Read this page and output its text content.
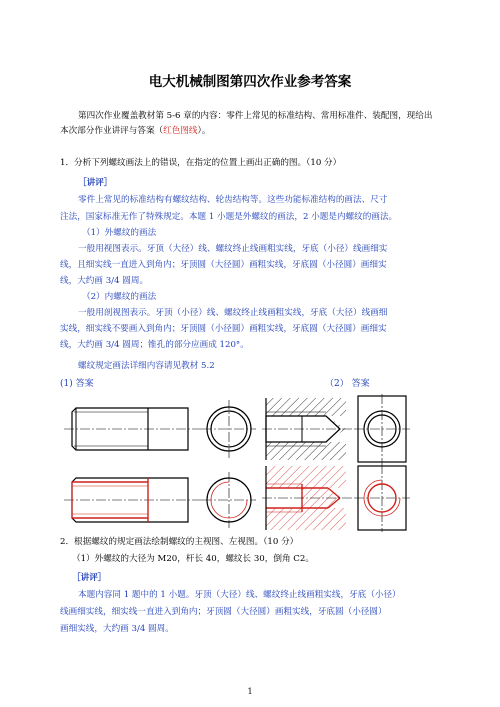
电大机械制图第四次作业参考答案
第四次作业覆盖教材第 5-6 章的内容：零件上常见的标准结构、常用标准件、装配图，现给出
本次部分作业讲评与答案（红色图线）。
1．分析下列螺纹画法上的错误，在指定的位置上画出正确的图。（10 分）
［讲评］
零件上常见的标准结构有螺纹结构、轮齿结构等。这些功能标准结构的画法、尺寸
注法，国家标准无作了特殊规定。本题 1 小题是外螺纹的画法，2 小题是内螺纹的画法。
（1）外螺纹的画法
一般用视图表示。牙顶（大径）线、螺纹终止线画粗实线，牙底（小径）线画细实
线，且细实线一直进入到角内；牙顶圆（大径圆）画粗实线，牙底圆（小径圆）画细实
线，大约画 3/4 圆周。
（2）内螺纹的画法
一般用剖视图表示。牙顶（小径）线、螺纹终止线画粗实线，牙底（大径）线画细
实线，细实线不要画入到角内；牙顶圆（小径圆）画粗实线，牙底圆（大径圆）画细实
线，大约画 3/4 圆周；锥孔的部分应画成 120°。
螺纹规定画法详细内容请见教材 5.2
(1) 答案	（2） 答案
2．根据螺纹的规定画法绘制螺纹的主视图、左视图。（10 分）
（1）外螺纹的大径为 M20，杆长 40，螺纹长 30，倒角 C2。
［讲评］
本题内容同 1 题中的 1 小题。牙顶（大径）线、螺纹终止线画粗实线，牙底（小径）
线画细实线，细实线一直进入到角内；牙顶圆（大径圆）画粗实线，牙底圆（小径圆）
画细实线，大约画 3/4 圆周。
1
